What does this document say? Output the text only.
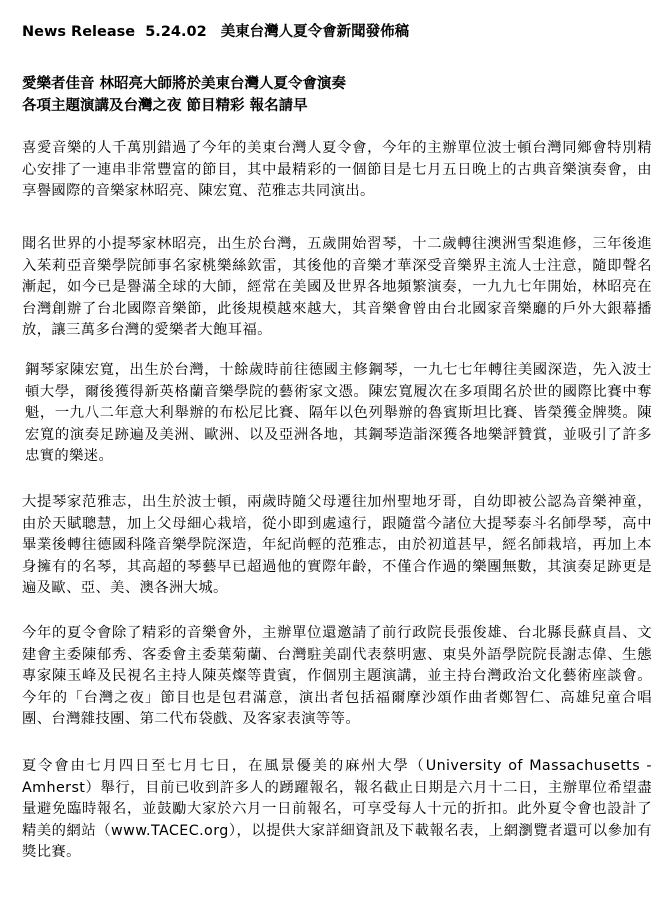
News Release 5.24.02 美東台灣人夏令會新聞發佈稿
愛樂者佳音 林昭亮大師將於美東台灣人夏令會演奏
各項主題演講及台灣之夜 節目精彩 報名請早
喜愛音樂的人千萬別錯過了今年的美東台灣人夏令會，今年的主辦單位波士頓台灣同鄉會特別精心安排了一連串非常豐富的節目，其中最精彩的一個節目是七月五日晚上的古典音樂演奏會，由享譽國際的音樂家林昭亮、陳宏寬、范雅志共同演出。
聞名世界的小提琴家林昭亮，出生於台灣，五歲開始習琴，十二歲轉往澳洲雪梨進修，三年後進入茱莉亞音樂學院師事名家桃樂絲欽雷，其後他的音樂才華深受音樂界主流人士注意，隨即聲名漸起，如今已是譽滿全球的大師，經常在美國及世界各地頻繁演奏，一九九七年開始，林昭亮在台灣創辦了台北國際音樂節，此後規模越來越大，其音樂會曾由台北國家音樂廳的戶外大銀幕播放，讓三萬多台灣的愛樂者大飽耳福。
鋼琴家陳宏寬，出生於台灣，十餘歲時前往德國主修鋼琴，一九七七年轉往美國深造，先入波士頓大學，爾後獲得新英格蘭音樂學院的藝術家文憑。陳宏寬履次在多項聞名於世的國際比賽中奪魁，一九八二年意大利舉辦的布松尼比賽、隔年以色列舉辦的魯賓斯坦比賽、皆榮獲金牌獎。陳宏寬的演奏足跡遍及美洲、歐洲、以及亞洲各地，其鋼琴造詣深獲各地樂評贊賞，並吸引了許多忠實的樂迷。
大提琴家范雅志，出生於波士頓，兩歲時隨父母遷往加州聖地牙哥，自幼即被公認為音樂神童，由於天賦聰慧，加上父母細心栽培，從小即到處遠行，跟隨當今諸位大提琴泰斗名師學琴，高中畢業後轉往德國科隆音樂學院深造，年紀尚輕的范雅志，由於初道甚早，經名師栽培，再加上本身擁有的名琴，其高超的琴藝早已超過他的實際年齡，不僅合作過的樂團無數，其演奏足跡更是遍及歐、亞、美、澳各洲大城。
今年的夏令會除了精彩的音樂會外，主辦單位還邀請了前行政院長張俊雄、台北縣長蘇貞昌、文建會主委陳郁秀、客委會主委葉菊蘭、台灣駐美副代表蔡明憲、東吳外語學院院長謝志偉、生態專家陳玉峰及民視名主持人陳英燦等貴賓，作個別主題演講，並主持台灣政治文化藝術座談會。今年的「台灣之夜」節目也是包君滿意，演出者包括福爾摩沙頌作曲者鄭智仁、高雄兒童合唱團、台灣雜技團、第二代布袋戲、及客家表演等等。
夏令會由七月四日至七月七日，在風景優美的麻州大學（University of Massachusetts - Amherst）舉行，目前已收到許多人的踴躍報名，報名截止日期是六月十二日，主辦單位希望盡量避免臨時報名，並鼓勵大家於六月一日前報名，可享受每人十元的折扣。此外夏令會也設計了精美的網站（www.TACEC.org），以提供大家詳細資訊及下載報名表，上網瀏覽者還可以參加有獎比賽。
